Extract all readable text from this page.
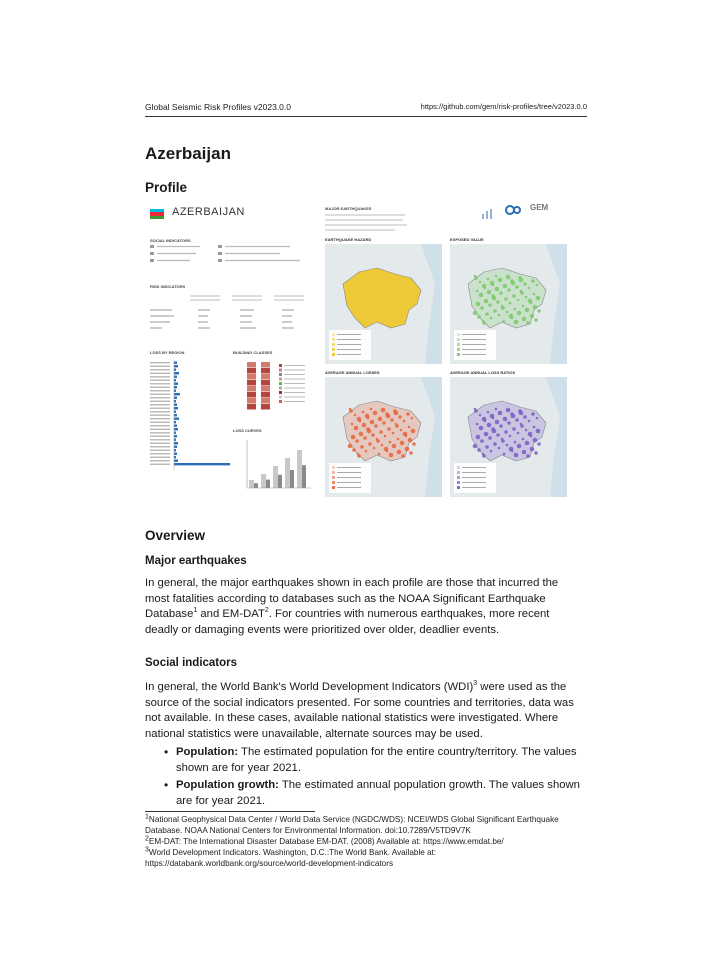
Global Seismic Risk Profiles v2023.0.0	https://github.com/gem/risk-profiles/tree/v2023.0.0
Azerbaijan
Profile
AZERBAIJAN
SOCIAL INDICATORS
RISK INDICATORS
LOSS BY REGION	BUILDING CLASSES
LOSS CURVES
MAJOR EARTHQUAKES	GEM
EARTHQUAKE HAZARD	EXPOSED VALUE
AVERAGE ANNUAL LOSSES	AVERAGE ANNUAL LOSS RATIOS
Overview
Major earthquakes

In general, the major earthquakes shown in each profile are those that incurred the most fatalities according to databases such as the NOAA Significant Earthquake Database$^1$ and EM-DAT$^2$. For countries with numerous earthquakes, more recent deadly or damaging events were prioritized over older, deadlier events.

Social indicators

In general, the World Bank's World Development Indicators (WDI)$^3$ were used as the source of the social indicators presented. For some countries and territories, data was not available. In these cases, available national statistics were investigated. Where national statistics were unavailable, alternate sources may be used.

• Population: The estimated population for the entire country/territory. The values shown are for year 2021.
• Population growth: The estimated annual population growth. The values shown are for year 2021.

$^1$National Geophysical Data Center / World Data Service (NGDC/WDS): NCEI/WDS Global Significant Earthquake Database. NOAA National Centers for Environmental Information. doi:10.7289/V5TD9V7K

$^2$EM-DAT: The International Disaster Database EM-DAT. (2008) Available at: https://www.emdat.be/

$^3$World Development Indicators. Washington, D.C.:The World Bank. Available at: https://databank.worldbank.org/source/world-development-indicators
